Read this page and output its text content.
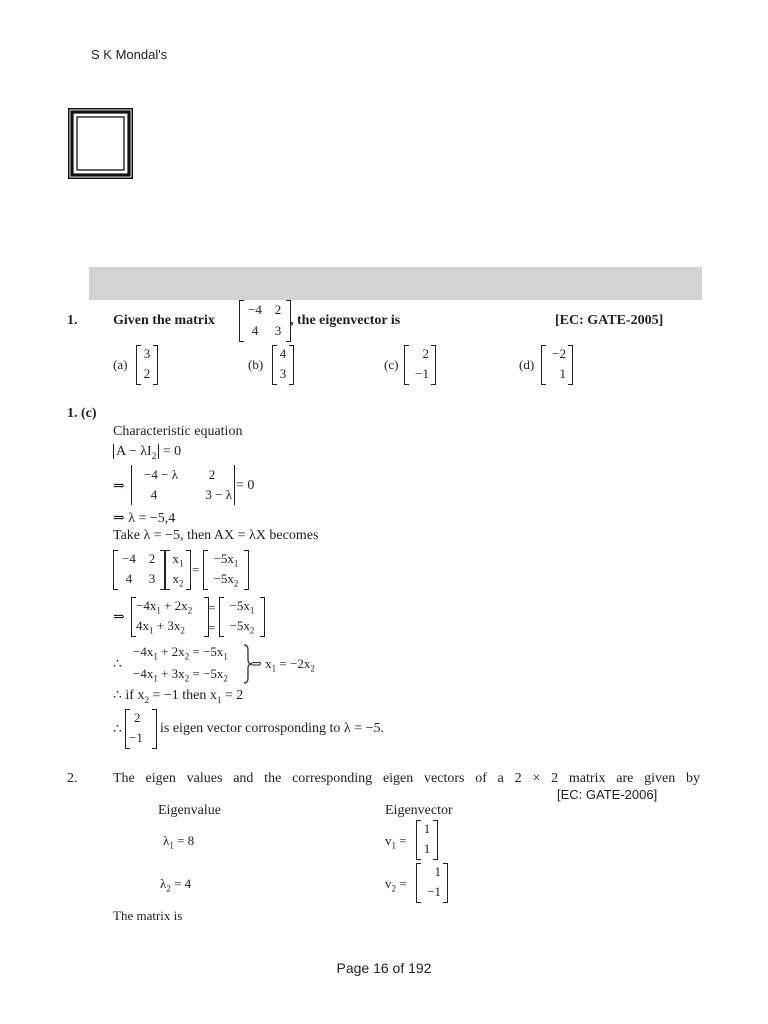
S K Mondal's
1.	Given the matrix
−4 2
4	3
, the eigenvector is	[EC: GATE-2005]
(a)
3
2
(b)
4
3
(c)
2
−1
(d)
−2
1
1. (c)
Characteristic equation
$A - \lambda I_2 = 0$
⇒
−4 − λ	2
4	3 − λ
= 0
⇒ λ = −5,4
Take λ = −5, then AX = λX becomes
−4 2
4	3
$x_1$
$x_2$
=
$-5x_1$
$-5x_2$
⇒
$-4x_1 + 2x_2$
$4x_1 + 3x_2$
=
=
$-5x_1$
$-5x_2$
∴
$-4x_1 + 2x_2 = -5x_1$
$-4x_1 + 3x_2 = -5x_2$
⇒ $x_1 = -2x_2$
∴ if $x_2 = -1$ then $x_1 = 2$
∴
2
−1
is eigen vector corrosponding to λ = −5.
2.	The eigen values and the corresponding eigen vectors of a 2 × 2 matrix are given by
[EC: GATE-2006]
Eigenvalue	Eigenvector
$\lambda_1 = 8$	$v_1$ =
1
1
$\lambda_2 = 4$	$v_2$ =
1
−1
The matrix is
Page 16 of 192
